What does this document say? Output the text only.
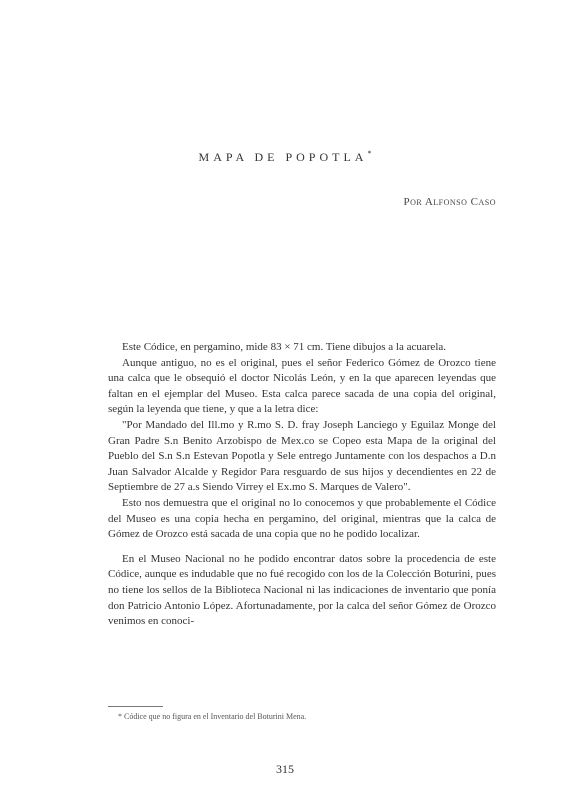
MAPA DE POPOTLA*
Por Alfonso Caso

Este Códice, en pergamino, mide 83 × 71 cm. Tiene dibujos a la acuarela.

Aunque antiguo, no es el original, pues el señor Federico Gómez de Orozco tiene una calca que le obsequió el doctor Nicolás León, y en la que aparecen leyendas que faltan en el ejemplar del Museo. Esta calca parece sacada de una copia del original, según la leyenda que tiene, y que a la letra dice:

"Por Mandado del Ill.mo y R.mo S. D. fray Joseph Lanciego y Eguilaz Monge del Gran Padre S.n Benito Arzobispo de Mex.co se Copeo esta Mapa de la original del Pueblo del S.n S.n Estevan Popotla y Sele entrego Juntamente con los despachos a D.n Juan Salvador Alcalde y Regidor Para resguardo de sus hijos y decendientes en 22 de Septiembre de 27 a.s Siendo Virrey el Ex.mo S. Marques de Valero".

Esto nos demuestra que el original no lo conocemos y que probablemente el Códice del Museo es una copia hecha en pergamino, del original, mientras que la calca de Gómez de Orozco está sacada de una copia que no he podido localizar.

En el Museo Nacional no he podido encontrar datos sobre la procedencia de este Códice, aunque es indudable que no fué recogido con los de la Colección Boturini, pues no tiene los sellos de la Biblioteca Nacional ni las indicaciones de inventario que ponía don Patricio Antonio López. Afortunadamente, por la calca del señor Gómez de Orozco venimos en conoci-

* Códice que no figura en el Inventario del Boturini Mena.
315
